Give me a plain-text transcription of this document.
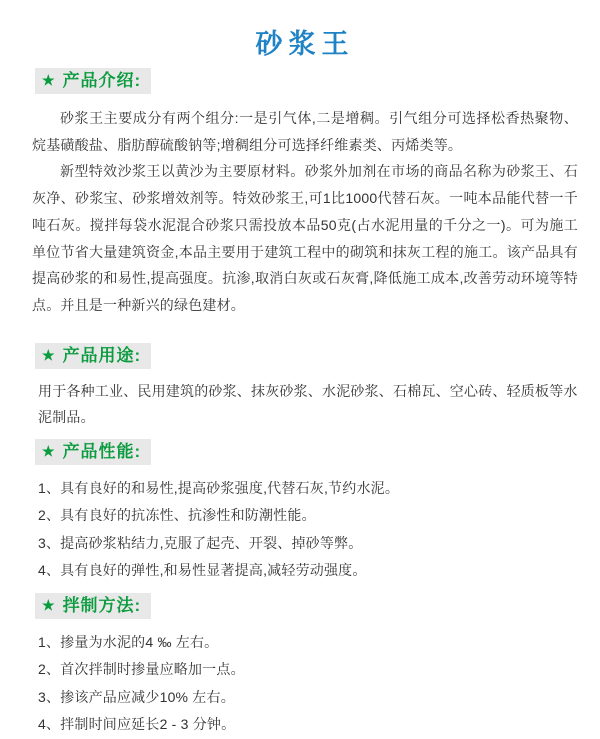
砂浆王
★ 产品介绍:

砂浆王主要成分有两个组分:一是引气体,二是增稠。引气组分可选择松香热聚物、烷基磺酸盐、脂肪醇硫酸钠等;增稠组分可选择纤维素类、丙烯类等。

新型特效沙浆王以黄沙为主要原材料。砂浆外加剂在市场的商品名称为砂浆王、石灰净、砂浆宝、砂浆增效剂等。特效砂浆王,可1比1000代替石灰。一吨本品能代替一千吨石灰。搅拌每袋水泥混合砂浆只需投放本品50克(占水泥用量的千分之一)。可为施工单位节省大量建筑资金,本品主要用于建筑工程中的砌筑和抹灰工程的施工。该产品具有提高砂浆的和易性,提高强度。抗渗,取消白灰或石灰膏,降低施工成本,改善劳动环境等特点。并且是一种新兴的绿色建材。

★ 产品用途:

用于各种工业、民用建筑的砂浆、抹灰砂浆、水泥砂浆、石棉瓦、空心砖、轻质板等水泥制品。

★ 产品性能:
1、具有良好的和易性,提高砂浆强度,代替石灰,节约水泥。
2、具有良好的抗冻性、抗渗性和防潮性能。
3、提高砂浆粘结力,克服了起壳、开裂、掉砂等弊。
4、具有良好的弹性,和易性显著提高,减轻劳动强度。
★ 拌制方法:
1、掺量为水泥的4 ‰ 左右。
2、首次拌制时掺量应略加一点。
3、掺该产品应减少10% 左右。
4、拌制时间应延长2 - 3 分钟。
